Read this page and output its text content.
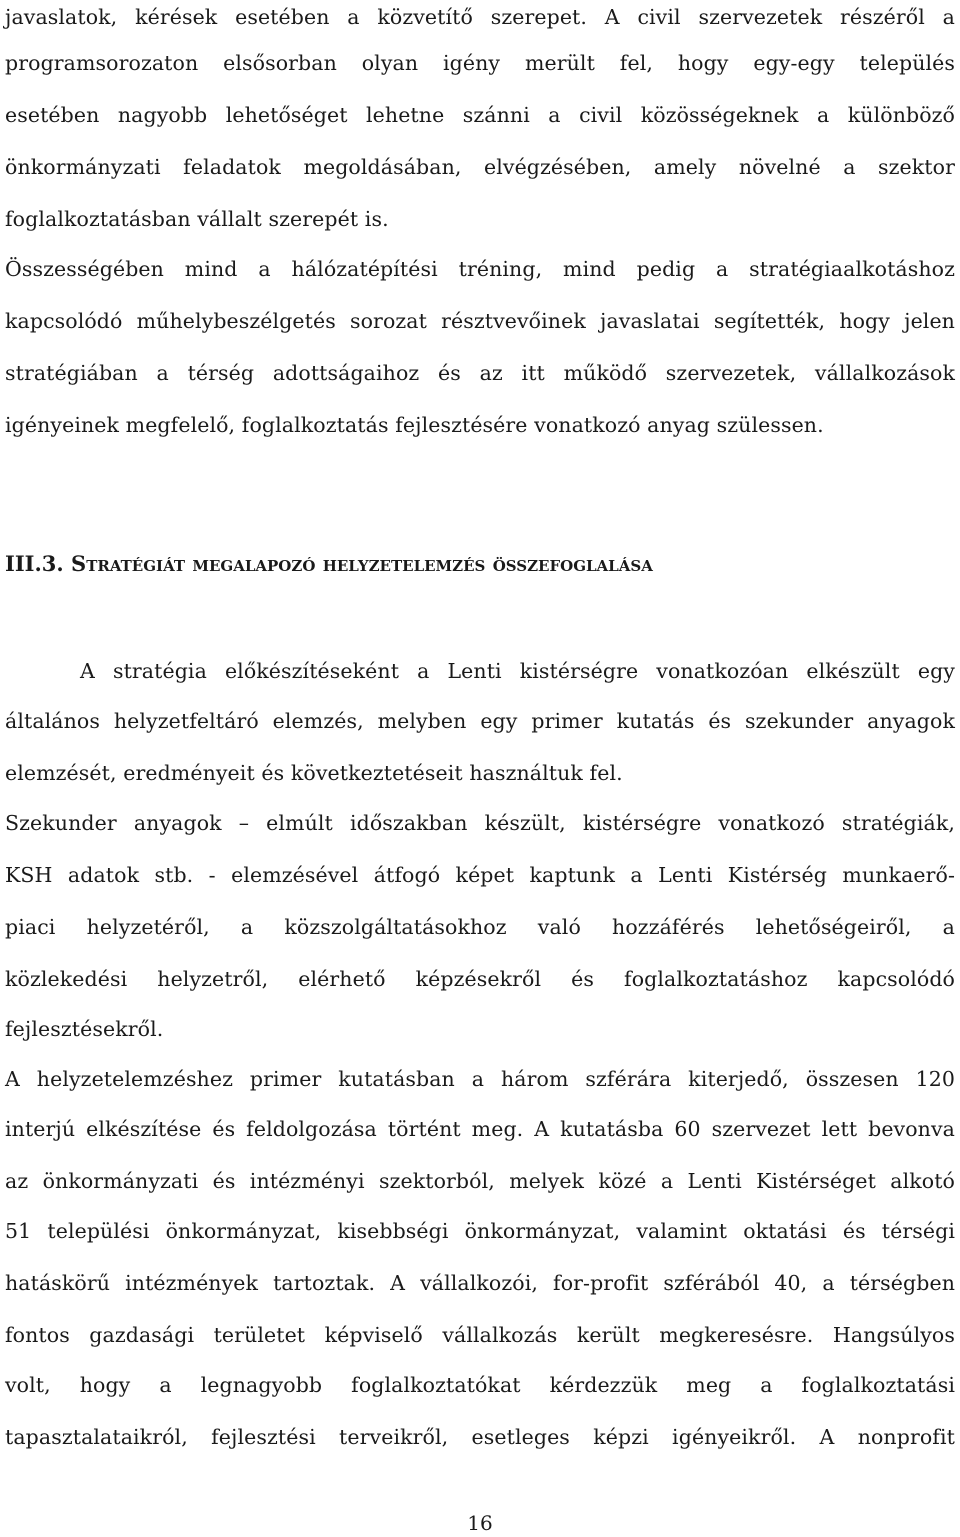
javaslatok, kérések esetében a közvetítő szerepet. A civil szervezetek részéről a
programsorozaton elsősorban olyan igény merült fel, hogy egy-egy település
esetében nagyobb lehetőséget lehetne szánni a civil közösségeknek a különböző
önkormányzati feladatok megoldásában, elvégzésében, amely növelné a szektor
foglalkoztatásban vállalt szerepét is.
Összességében mind a hálózatépítési tréning, mind pedig a stratégiaalkotáshoz
kapcsolódó műhelybeszélgetés sorozat résztvevőinek javaslatai segítették, hogy jelen
stratégiában a térség adottságaihoz és az itt működő szervezetek, vállalkozások
igényeinek megfelelő, foglalkoztatás fejlesztésére vonatkozó anyag szülessen.
III.3. Stratégiát megalapozó helyzetelemzés összefoglalása
A stratégia előkészítéseként a Lenti kistérségre vonatkozóan elkészült egy
általános helyzetfeltáró elemzés, melyben egy primer kutatás és szekunder anyagok
elemzését, eredményeit és következtetéseit használtuk fel.
Szekunder anyagok – elmúlt időszakban készült, kistérségre vonatkozó stratégiák,
KSH adatok stb. - elemzésével átfogó képet kaptunk a Lenti Kistérség munkaerő-
piaci helyzetéről, a közszolgáltatásokhoz való hozzáférés lehetőségeiről, a
közlekedési helyzetről, elérhető képzésekről és foglalkoztatáshoz kapcsolódó
fejlesztésekről.
A helyzetelemzéshez primer kutatásban a három szférára kiterjedő, összesen 120
interjú elkészítése és feldolgozása történt meg. A kutatásba 60 szervezet lett bevonva
az önkormányzati és intézményi szektorból, melyek közé a Lenti Kistérséget alkotó
51 települési önkormányzat, kisebbségi önkormányzat, valamint oktatási és térségi
hatáskörű intézmények tartoztak. A vállalkozói, for-profit szférából 40, a térségben
fontos gazdasági területet képviselő vállalkozás került megkeresésre. Hangsúlyos
volt, hogy a legnagyobb foglalkoztatókat kérdezzük meg a foglalkoztatási
tapasztalataikról, fejlesztési terveikről, esetleges képzi igényeikről. A nonprofit
16
